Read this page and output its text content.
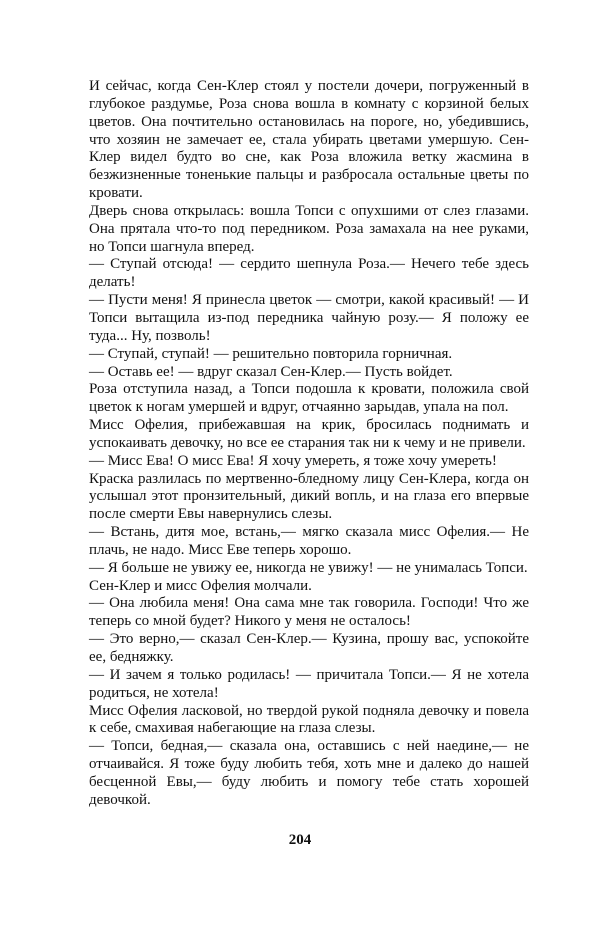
И сейчас, когда Сен-Клер стоял у постели дочери, погруженный в глубокое раздумье, Роза снова вошла в комнату с корзиной белых цветов. Она почтительно остановилась на пороге, но, убедившись, что хозяин не замечает ее, стала убирать цветами умершую. Сен-Клер видел будто во сне, как Роза вложила ветку жасмина в безжизненные тоненькие пальцы и разбросала остальные цветы по кровати.

Дверь снова открылась: вошла Топси с опухшими от слез глазами. Она прятала что-то под передником. Роза замахала на нее руками, но Топси шагнула вперед.

— Ступай отсюда! — сердито шепнула Роза.— Нечего тебе здесь делать!

— Пусти меня! Я принесла цветок — смотри, какой красивый! — И Топси вытащила из-под передника чайную розу.— Я положу ее туда... Ну, позволь!

— Ступай, ступай! — решительно повторила горничная.

— Оставь ее! — вдруг сказал Сен-Клер.— Пусть войдет.

Роза отступила назад, а Топси подошла к кровати, положила свой цветок к ногам умершей и вдруг, отчаянно зарыдав, упала на пол.

Мисс Офелия, прибежавшая на крик, бросилась поднимать и успокаивать девочку, но все ее старания так ни к чему и не привели.

— Мисс Ева! О мисс Ева! Я хочу умереть, я тоже хочу умереть!

Краска разлилась по мертвенно-бледному лицу Сен-Клера, когда он услышал этот пронзительный, дикий вопль, и на глаза его впервые после смерти Евы навернулись слезы.

— Встань, дитя мое, встань,— мягко сказала мисс Офелия.— Не плачь, не надо. Мисс Еве теперь хорошо.

— Я больше не увижу ее, никогда не увижу! — не унималась Топси.

Сен-Клер и мисс Офелия молчали.

— Она любила меня! Она сама мне так говорила. Господи! Что же теперь со мной будет? Никого у меня не осталось!

— Это верно,— сказал Сен-Клер.— Кузина, прошу вас, успокойте ее, бедняжку.

— И зачем я только родилась! — причитала Топси.— Я не хотела родиться, не хотела!

Мисс Офелия ласковой, но твердой рукой подняла девочку и повела к себе, смахивая набегающие на глаза слезы.

— Топси, бедная,— сказала она, оставшись с ней наедине,— не отчаивайся. Я тоже буду любить тебя, хоть мне и далеко до нашей бесценной Евы,— буду любить и помогу тебе стать хорошей девочкой.

204
